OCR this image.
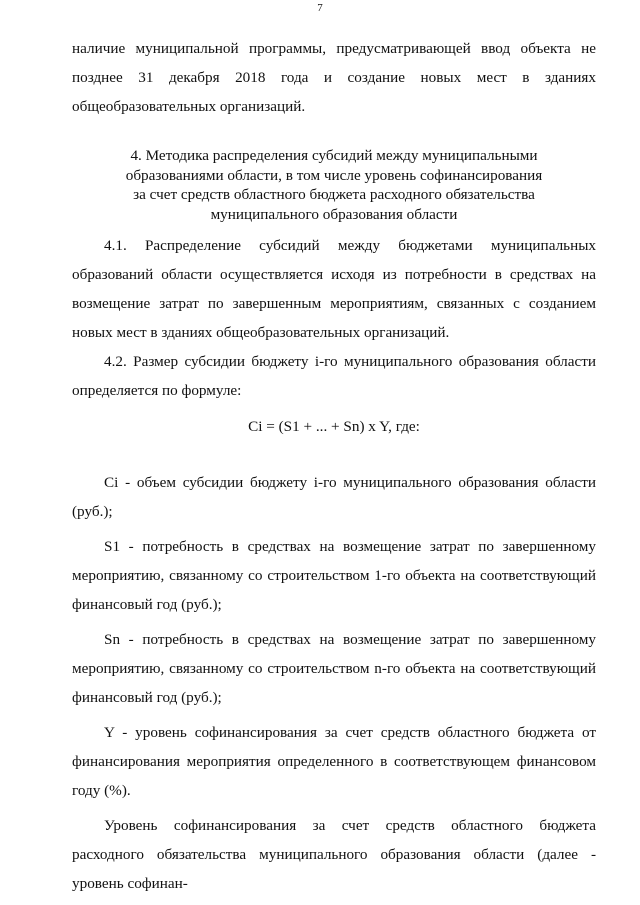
7

наличие муниципальной программы, предусматривающей ввод объекта не позднее 31 декабря 2018 года и создание новых мест в зданиях общеобразовательных организаций.

4. Методика распределения субсидий между муниципальными
образованиями области, в том числе уровень софинансирования
за счет средств областного бюджета расходного обязательства
муниципального образования области

4.1. Распределение субсидий между бюджетами муниципальных образований области осуществляется исходя из потребности в средствах на возмещение затрат по завершенным мероприятиям, связанных с созданием новых мест в зданиях общеобразовательных организаций.

4.2. Размер субсидии бюджету i-го муниципального образования области определяется по формуле:

Ci = (S1 + ... + Sn) x Y, где:

Ci - объем субсидии бюджету i-го муниципального образования области (руб.);

S1 - потребность в средствах на возмещение затрат по завершенному мероприятию, связанному со строительством 1-го объекта на соответствующий финансовый год (руб.);

Sn - потребность в средствах на возмещение затрат по завершенному мероприятию, связанному со строительством n-го объекта на соответствующий финансовый год (руб.);

Y - уровень софинансирования за счет средств областного бюджета от финансирования мероприятия определенного в соответствующем финансовом году (%).

Уровень софинансирования за счет средств областного бюджета расходного обязательства муниципального образования области (далее - уровень софинан-
